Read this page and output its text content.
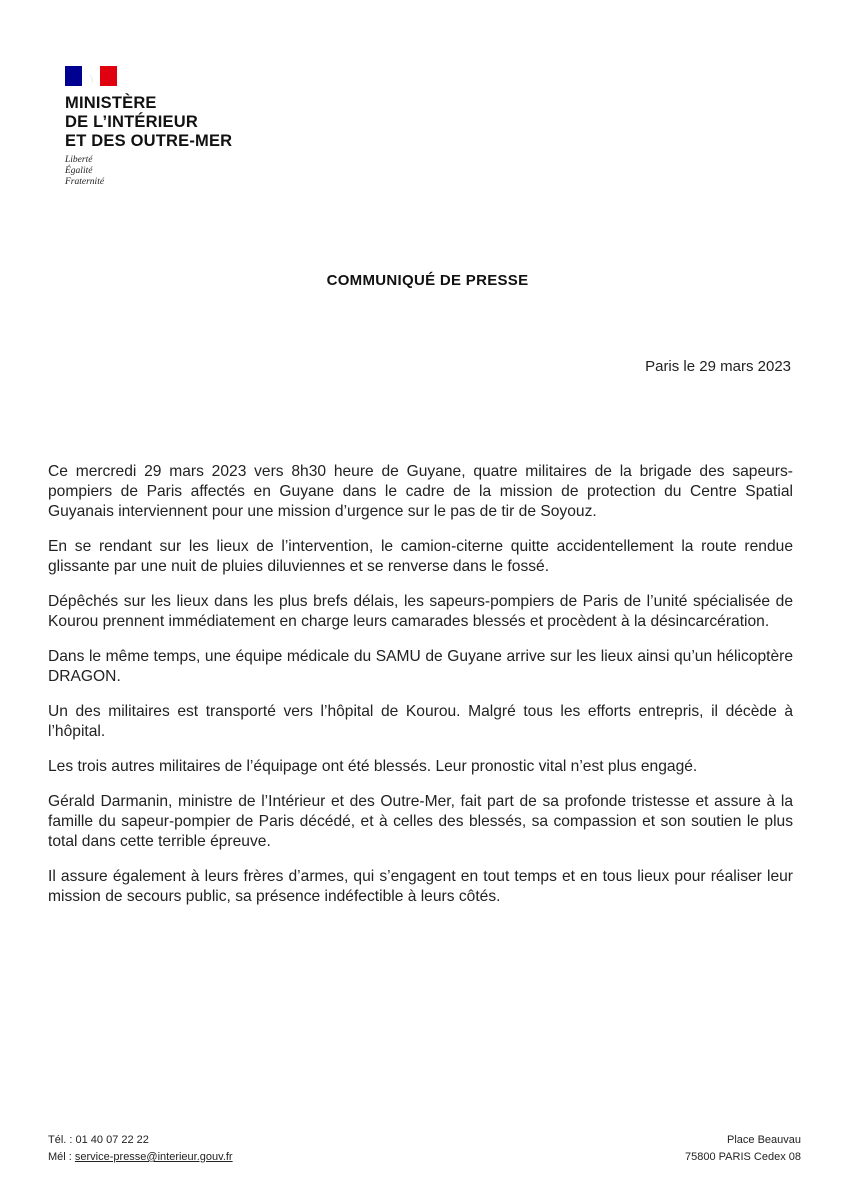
MINISTÈRE
DE L’INTÉRIEUR
ET DES OUTRE-MER
Liberté
Égalité
Fraternité
COMMUNIQUÉ DE PRESSE
Paris le 29 mars 2023

Ce mercredi 29 mars 2023 vers 8h30 heure de Guyane, quatre militaires de la brigade des sapeurs-pompiers de Paris affectés en Guyane dans le cadre de la mission de protection du Centre Spatial Guyanais interviennent pour une mission d’urgence sur le pas de tir de Soyouz.

En se rendant sur les lieux de l’intervention, le camion-citerne quitte accidentellement la route rendue glissante par une nuit de pluies diluviennes et se renverse dans le fossé.

Dépêchés sur les lieux dans les plus brefs délais, les sapeurs-pompiers de Paris de l’unité spécialisée de Kourou prennent immédiatement en charge leurs camarades blessés et procèdent à la désincarcération.

Dans le même temps, une équipe médicale du SAMU de Guyane arrive sur les lieux ainsi qu’un hélicoptère DRAGON.

Un des militaires est transporté vers l’hôpital de Kourou. Malgré tous les efforts entrepris, il décède à l’hôpital.

Les trois autres militaires de l’équipage ont été blessés. Leur pronostic vital n’est plus engagé.

Gérald Darmanin, ministre de l’Intérieur et des Outre-Mer, fait part de sa profonde tristesse et assure à la famille du sapeur-pompier de Paris décédé, et à celles des blessés, sa compassion et son soutien le plus total dans cette terrible épreuve.

Il assure également à leurs frères d’armes, qui s’engagent en tout temps et en tous lieux pour réaliser leur mission de secours public, sa présence indéfectible à leurs côtés.

Tél. : 01 40 07 22 22
Mél : service-presse@interieur.gouv.fr
Place Beauvau
75800 PARIS Cedex 08
